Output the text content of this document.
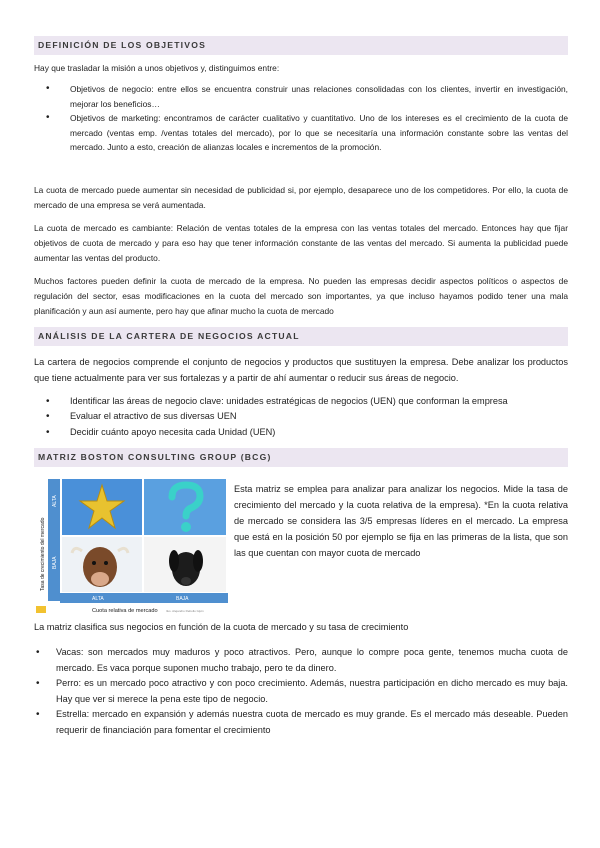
DEFINICIÓN DE LOS OBJETIVOS

Hay que trasladar la misión a unos objetivos y, distinguimos entre:

• Objetivos de negocio: entre ellos se encuentra construir unas relaciones consolidadas con los clientes, invertir en investigación, mejorar los beneficios…
• Objetivos de marketing: encontramos de carácter cualitativo y cuantitativo. Uno de los intereses es el crecimiento de la cuota de mercado (ventas emp. /ventas totales del mercado), por lo que se necesitaría una información constante sobre las ventas del mercado. Junto a esto, creación de alianzas locales e incrementos de la promoción.

La cuota de mercado puede aumentar sin necesidad de publicidad si, por ejemplo, desaparece uno de los competidores. Por ello, la cuota de mercado de una empresa se verá aumentada.

La cuota de mercado es cambiante: Relación de ventas totales de la empresa con las ventas totales del mercado. Entonces hay que fijar objetivos de cuota de mercado y para eso hay que tener información constante de las ventas del mercado. Si aumenta la publicidad puede aumentar las ventas del producto.

Muchos factores pueden definir la cuota de mercado de la empresa. No pueden las empresas decidir aspectos políticos o aspectos de regulación del sector, esas modificaciones en la cuota del mercado son importantes, ya que incluso hayamos podido tener una mala planificación y aun así aumente, pero hay que afinar mucho la cuota de mercado

ANÁLISIS DE LA CARTERA DE NEGOCIOS ACTUAL

La cartera de negocios comprende el conjunto de negocios y productos que sustituyen la empresa. Debe analizar los productos que tiene actualmente para ver sus fortalezas y a partir de ahí aumentar o reducir sus áreas de negocio.

• Identificar las áreas de negocio clave: unidades estratégicas de negocios (UEN) que conforman la empresa
• Evaluar el atractivo de sus diversas UEN
• Decidir cuánto apoyo necesita cada Unidad (UEN)
MATRIZ BOSTON CONSULTING GROUP (BCG)
ALTA
BAJA
Tasa de crecimiento del mercado
ALTA	BAJA
Cuota relativa de mercado	Ilus. Alejandro Rebollo Gijón
Esta matriz se emplea para analizar para analizar los negocios. Mide la tasa de crecimiento del mercado y la cuota relativa de la empresa). *En la cuota relativa de mercado se considera las 3/5 empresas líderes en el mercado. La empresa que está en la posición 50 por ejemplo se fija en las primeras de la lista, que son las que cuentan con mayor cuota de mercado

La matriz clasifica sus negocios en función de la cuota de mercado y su tasa de crecimiento

• Vacas: son mercados muy maduros y poco atractivos. Pero, aunque lo compre poca gente, tenemos mucha cuota de mercado. Es vaca porque suponen mucho trabajo, pero te da dinero.
• Perro: es un mercado poco atractivo y con poco crecimiento. Además, nuestra participación en dicho mercado es muy baja. Hay que ver si merece la pena este tipo de negocio.
• Estrella: mercado en expansión y además nuestra cuota de mercado es muy grande. Es el mercado más deseable. Pueden requerir de financiación para fomentar el crecimiento
